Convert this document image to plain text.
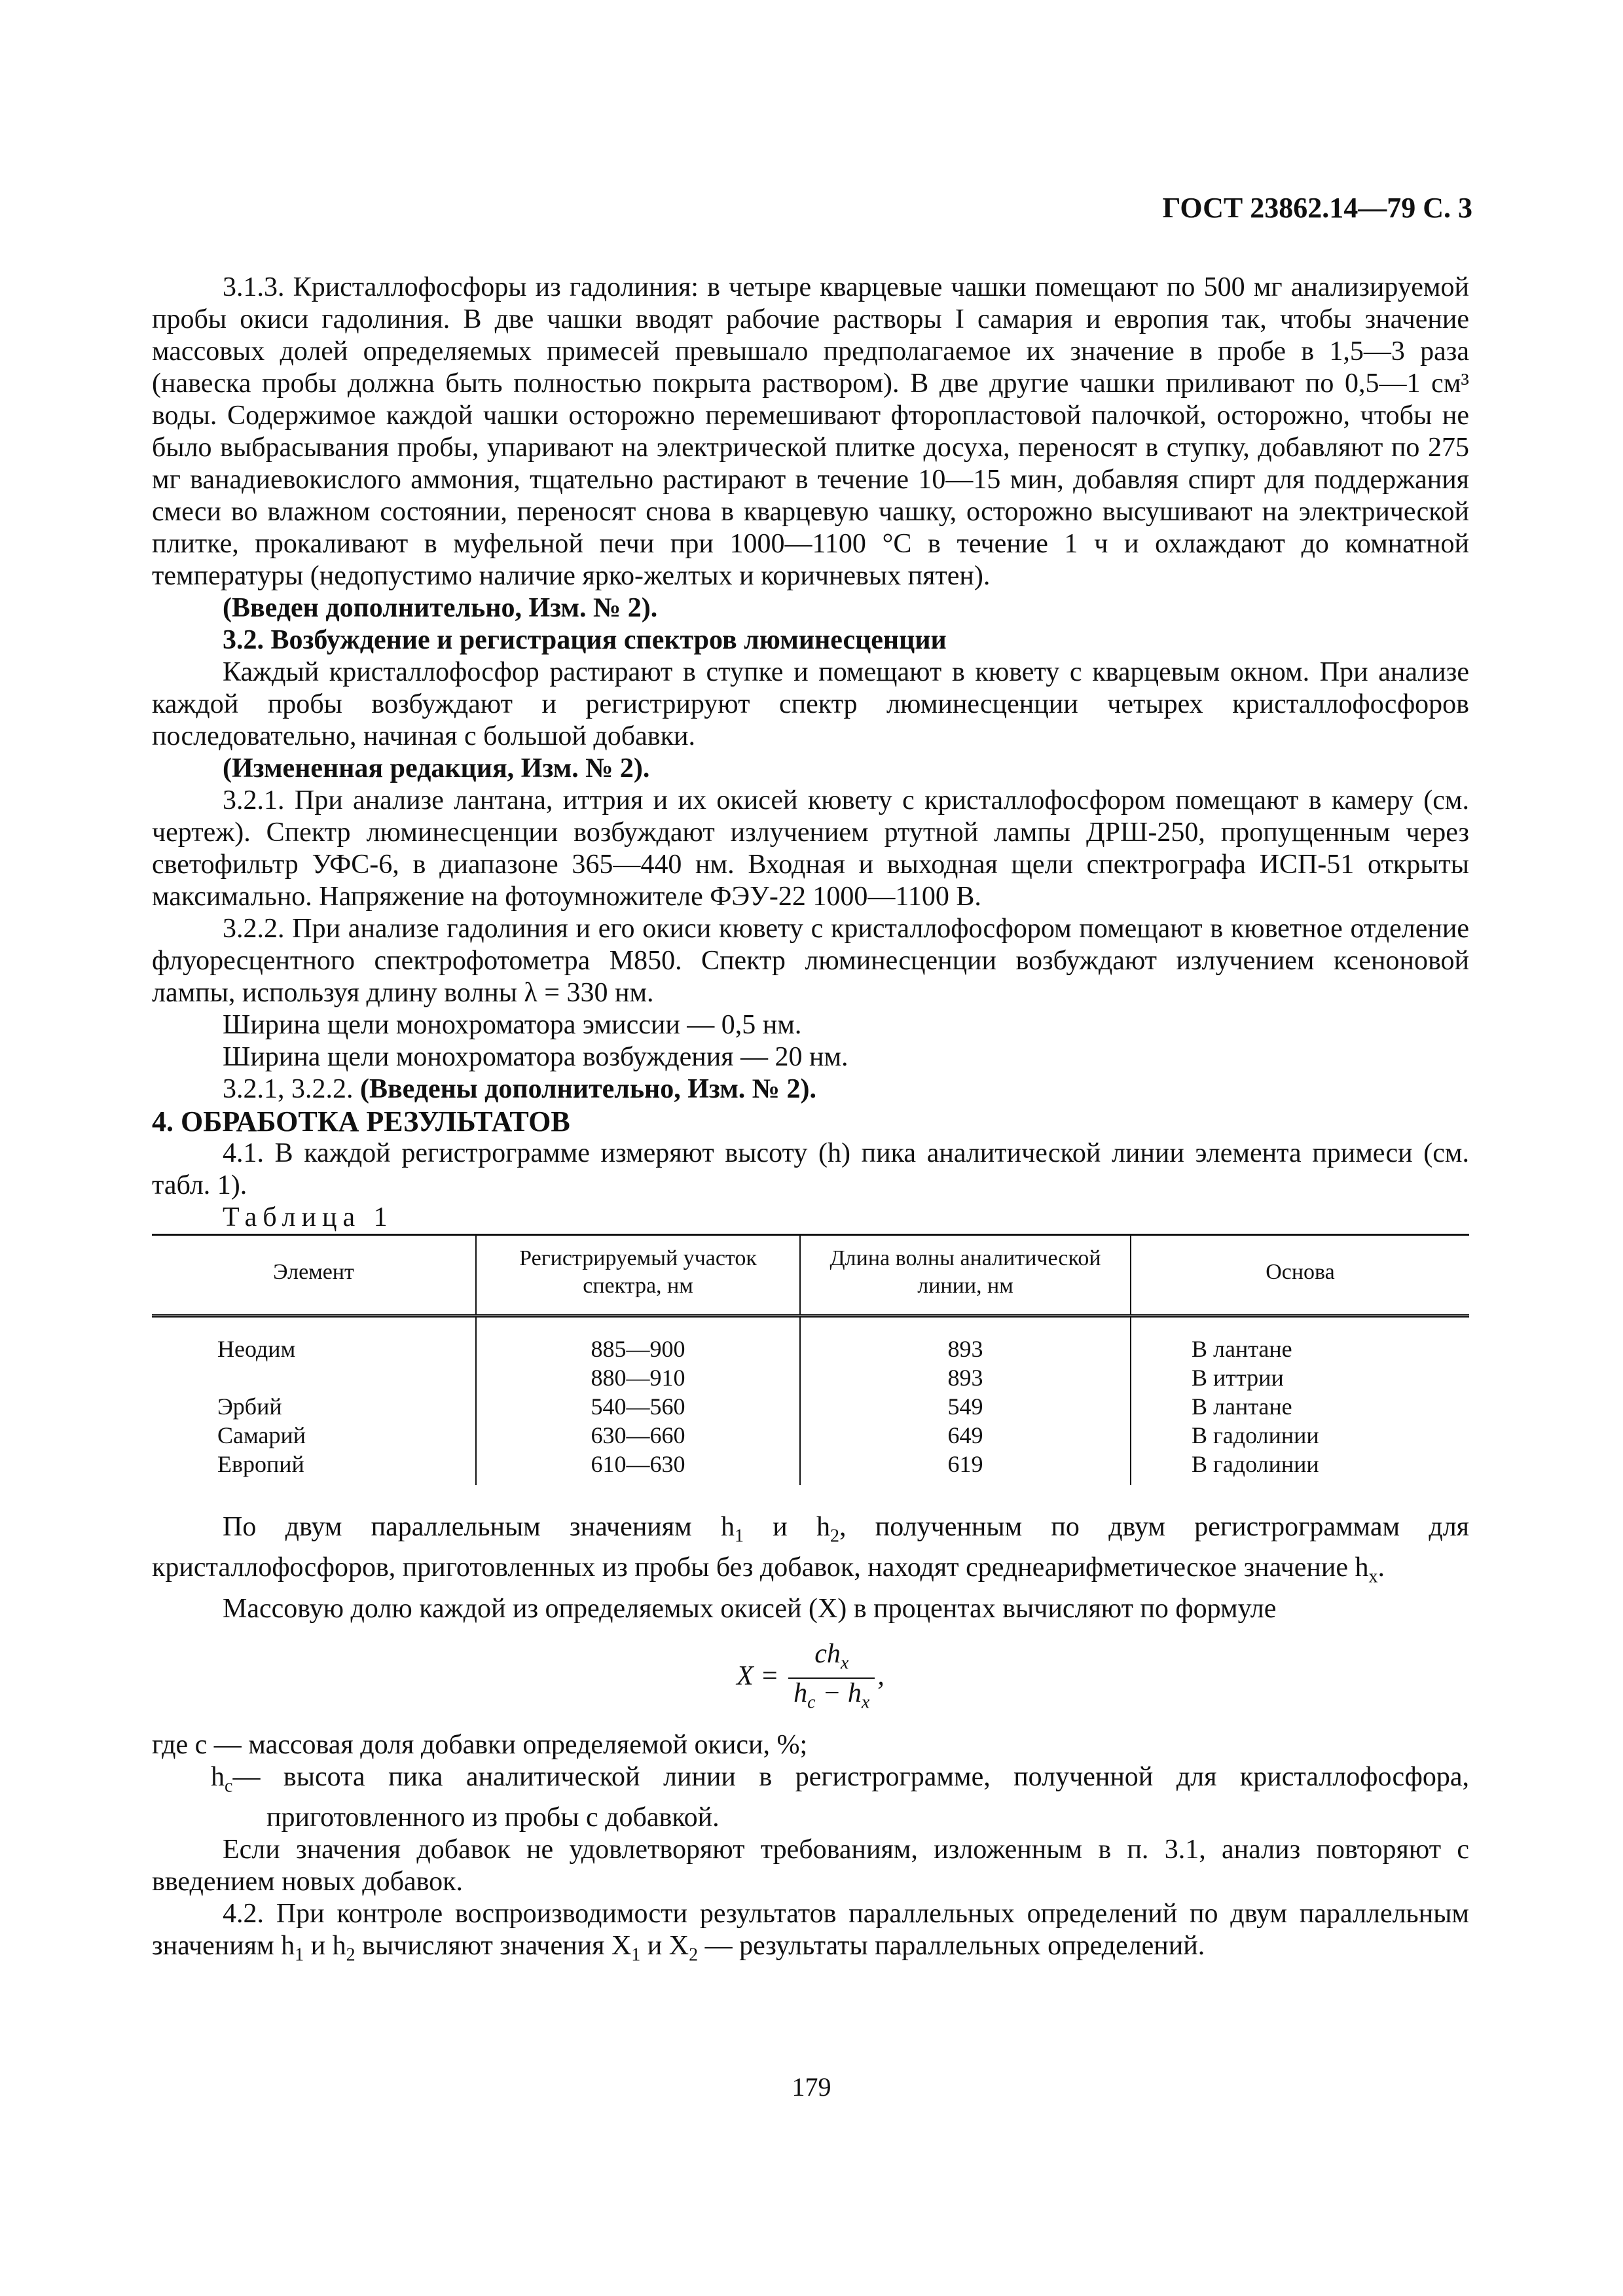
ГОСТ 23862.14—79 С. 3

3.1.3. Кристаллофосфоры из гадолиния: в четыре кварцевые чашки помещают по 500 мг анализируемой пробы окиси гадолиния. В две чашки вводят рабочие растворы I самария и европия так, чтобы значение массовых долей определяемых примесей превышало предполагаемое их значение в пробе в 1,5—3 раза (навеска пробы должна быть полностью покрыта раствором). В две другие чашки приливают по 0,5—1 см³ воды. Содержимое каждой чашки осторожно перемешивают фторопластовой палочкой, осторожно, чтобы не было выбрасывания пробы, упаривают на электрической плитке досуха, переносят в ступку, добавляют по 275 мг ванадиевокислого аммония, тщательно растирают в течение 10—15 мин, добавляя спирт для поддержания смеси во влажном состоянии, переносят снова в кварцевую чашку, осторожно высушивают на электрической плитке, прокаливают в муфельной печи при 1000—1100 °С в течение 1 ч и охлаждают до комнатной температуры (недопустимо наличие ярко-желтых и коричневых пятен).

(Введен дополнительно, Изм. № 2).

3.2. Возбуждение и регистрация спектров люминесценции

Каждый кристаллофосфор растирают в ступке и помещают в кювету с кварцевым окном. При анализе каждой пробы возбуждают и регистрируют спектр люминесценции четырех кристаллофосфоров последовательно, начиная с большой добавки.

(Измененная редакция, Изм. № 2).

3.2.1. При анализе лантана, иттрия и их окисей кювету с кристаллофосфором помещают в камеру (см. чертеж). Спектр люминесценции возбуждают излучением ртутной лампы ДРШ-250, пропущенным через светофильтр УФС-6, в диапазоне 365—440 нм. Входная и выходная щели спектрографа ИСП-51 открыты максимально. Напряжение на фотоумножителе ФЭУ-22 1000—1100 В.

3.2.2. При анализе гадолиния и его окиси кювету с кристаллофосфором помещают в кюветное отделение флуоресцентного спектрофотометра М850. Спектр люминесценции возбуждают излучением ксеноновой лампы, используя длину волны λ = 330 нм.

Ширина щели монохроматора эмиссии — 0,5 нм.

Ширина щели монохроматора возбуждения — 20 нм.

3.2.1, 3.2.2. (Введены дополнительно, Изм. № 2).

4. ОБРАБОТКА РЕЗУЛЬТАТОВ

4.1. В каждой регистрограмме измеряют высоту (h) пика аналитической линии элемента примеси (см. табл. 1).

Таблица 1

Элемент	Регистрируемый участок спектра, нм	Длина волны аналитической линии, нм	Основа
Неодим	885—900	893	В лантане
	880—910	893	В иттрии
Эрбий	540—560	549	В лантане
Самарий	630—660	649	В гадолинии
Европий	610—630	619	В гадолинии

По двум параллельным значениям $h_1$ и $h_2$, полученным по двум регистрограммам для кристаллофосфоров, приготовленных из пробы без добавок, находят среднеарифметическое значение $h_x$.

Массовую долю каждой из определяемых окисей (X) в процентах вычисляют по формуле

$X = \frac{ch_x}{h_c - h_x}$ ,

где c — массовая доля добавки определяемой окиси, %;

$h_c—$ высота пика аналитической линии в регистрограмме, полученной для кристаллофосфора, приготовленного из пробы с добавкой.

Если значения добавок не удовлетворяют требованиям, изложенным в п. 3.1, анализ повторяют с введением новых добавок.

4.2. При контроле воспроизводимости результатов параллельных определений по двум параллельным значениям $h_1$ и $h_2$ вычисляют значения $X_1$ и $X_2$ — результаты параллельных определений.

179
